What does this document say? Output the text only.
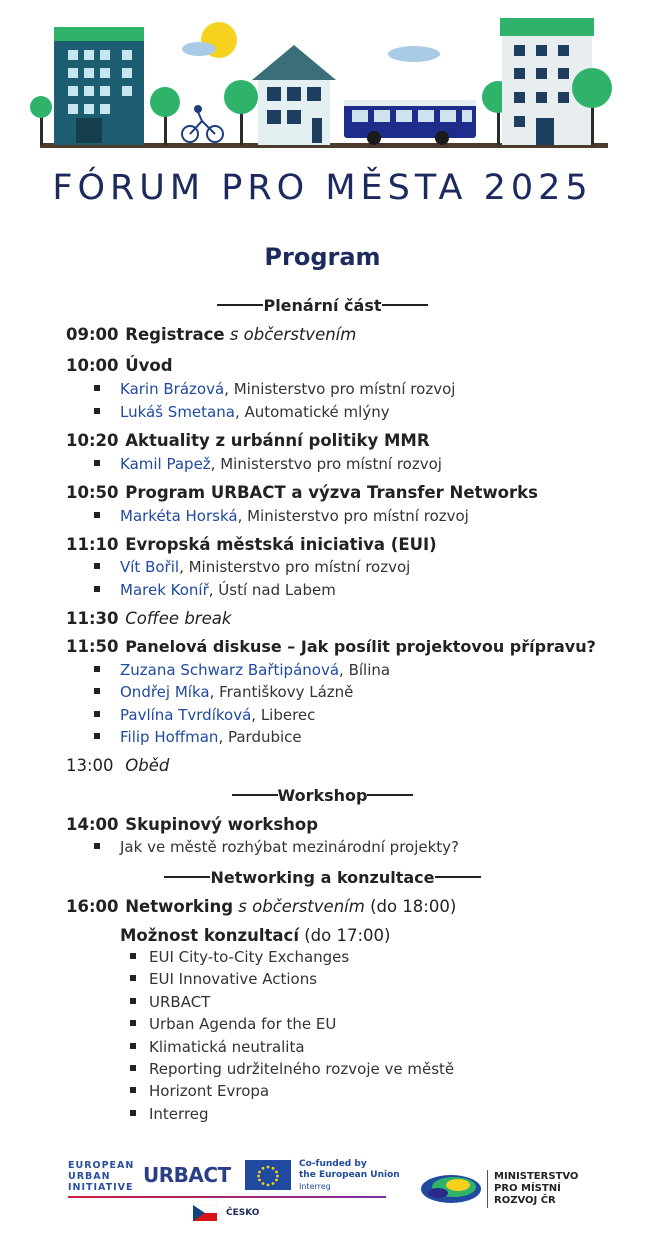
FÓRUM PRO MĚSTA 2025
Program
Plenární část
09:00 Registrace s občerstvením
10:00 Úvod
Karin Brázová, Ministerstvo pro místní rozvoj
Lukáš Smetana, Automatické mlýny
10:20 Aktuality z urbánní politiky MMR
Kamil Papež, Ministerstvo pro místní rozvoj
10:50 Program URBACT a výzva Transfer Networks
Markéta Horská, Ministerstvo pro místní rozvoj
11:10 Evropská městská iniciativa (EUI)
Vít Bořil, Ministerstvo pro místní rozvoj
Marek Koníř, Ústí nad Labem
11:30 Coffee break
11:50 Panelová diskuse – Jak posílit projektovou přípravu?
Zuzana Schwarz Bařtipánová, Bílina
Ondřej Míka, Františkovy Lázně
Pavlína Tvrdíková, Liberec
Filip Hoffman, Pardubice
13:00 Oběd
Workshop
14:00 Skupinový workshop
Jak ve městě rozhýbat mezinárodní projekty?
Networking a konzultace
16:00 Networking s občerstvením (do 18:00)
Možnost konzultací (do 17:00)
EUI City-to-City Exchanges
EUI Innovative Actions
URBACT
Urban Agenda for the EU
Klimatická neutralita
Reporting udržitelného rozvoje ve městě
Horizont Evropa
Interreg
EUROPEAN
URBAN
INITIATIVE
URBACT	Co-funded by
the European Union
Interreg
ČESKO
MINISTERSTVO
PRO MÍSTNÍ
ROZVOJ ČR
